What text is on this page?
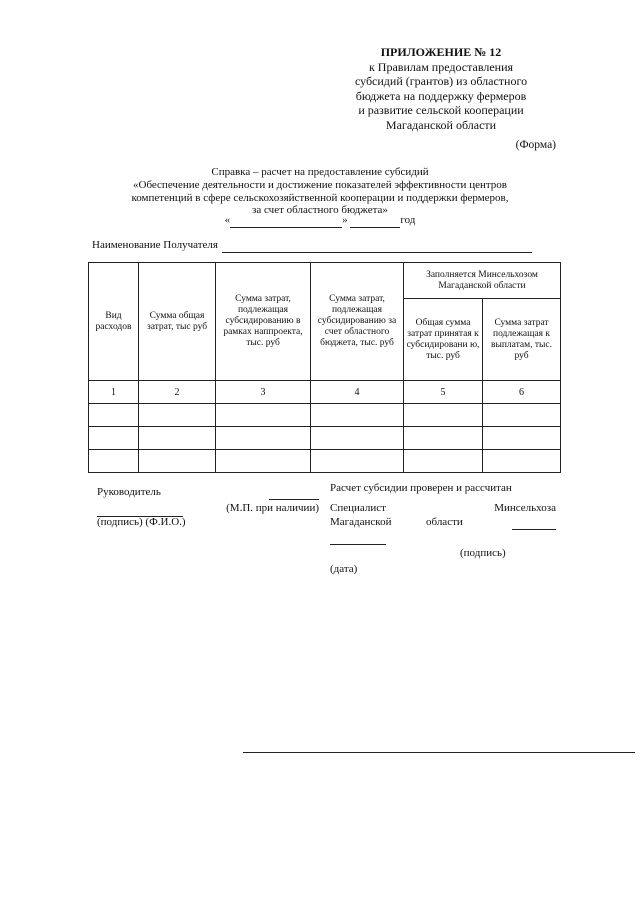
ПРИЛОЖЕНИЕ № 12
к Правилам предоставления
субсидий (грантов) из областного
бюджета на поддержку фермеров
и развитие сельской кооперации
Магаданской области
(Форма)
Справка – расчет на предоставление субсидий
«Обеспечение деятельности и достижение показателей эффективности центров
компетенций в сфере сельскохозяйственной кооперации и поддержки фермеров,
за счет областного бюджета»
«	»	год
Наименование Получателя
Вид расходов	Сумма общая затрат, тыс руб	Сумма затрат, подлежащая субсидированию в рамках наппроекта, тыс. руб	Сумма затрат, подлежащая субсидированию за счет областного бюджета, тыс. руб	Заполняется Минсельхозом Магаданской области	
				Общая сумма затрат принятая к субсидировани ю, тыс. руб	Сумма затрат подлежащая к выплатам, тыс. руб
1	2	3	4	5	6

Руководитель

(М.П. при наличии)
(подпись) (Ф.И.О.)
Расчет субсидии проверен и рассчитан
Специалист	Минсельхоза
Магаданской	области

(подпись)
(дата)
